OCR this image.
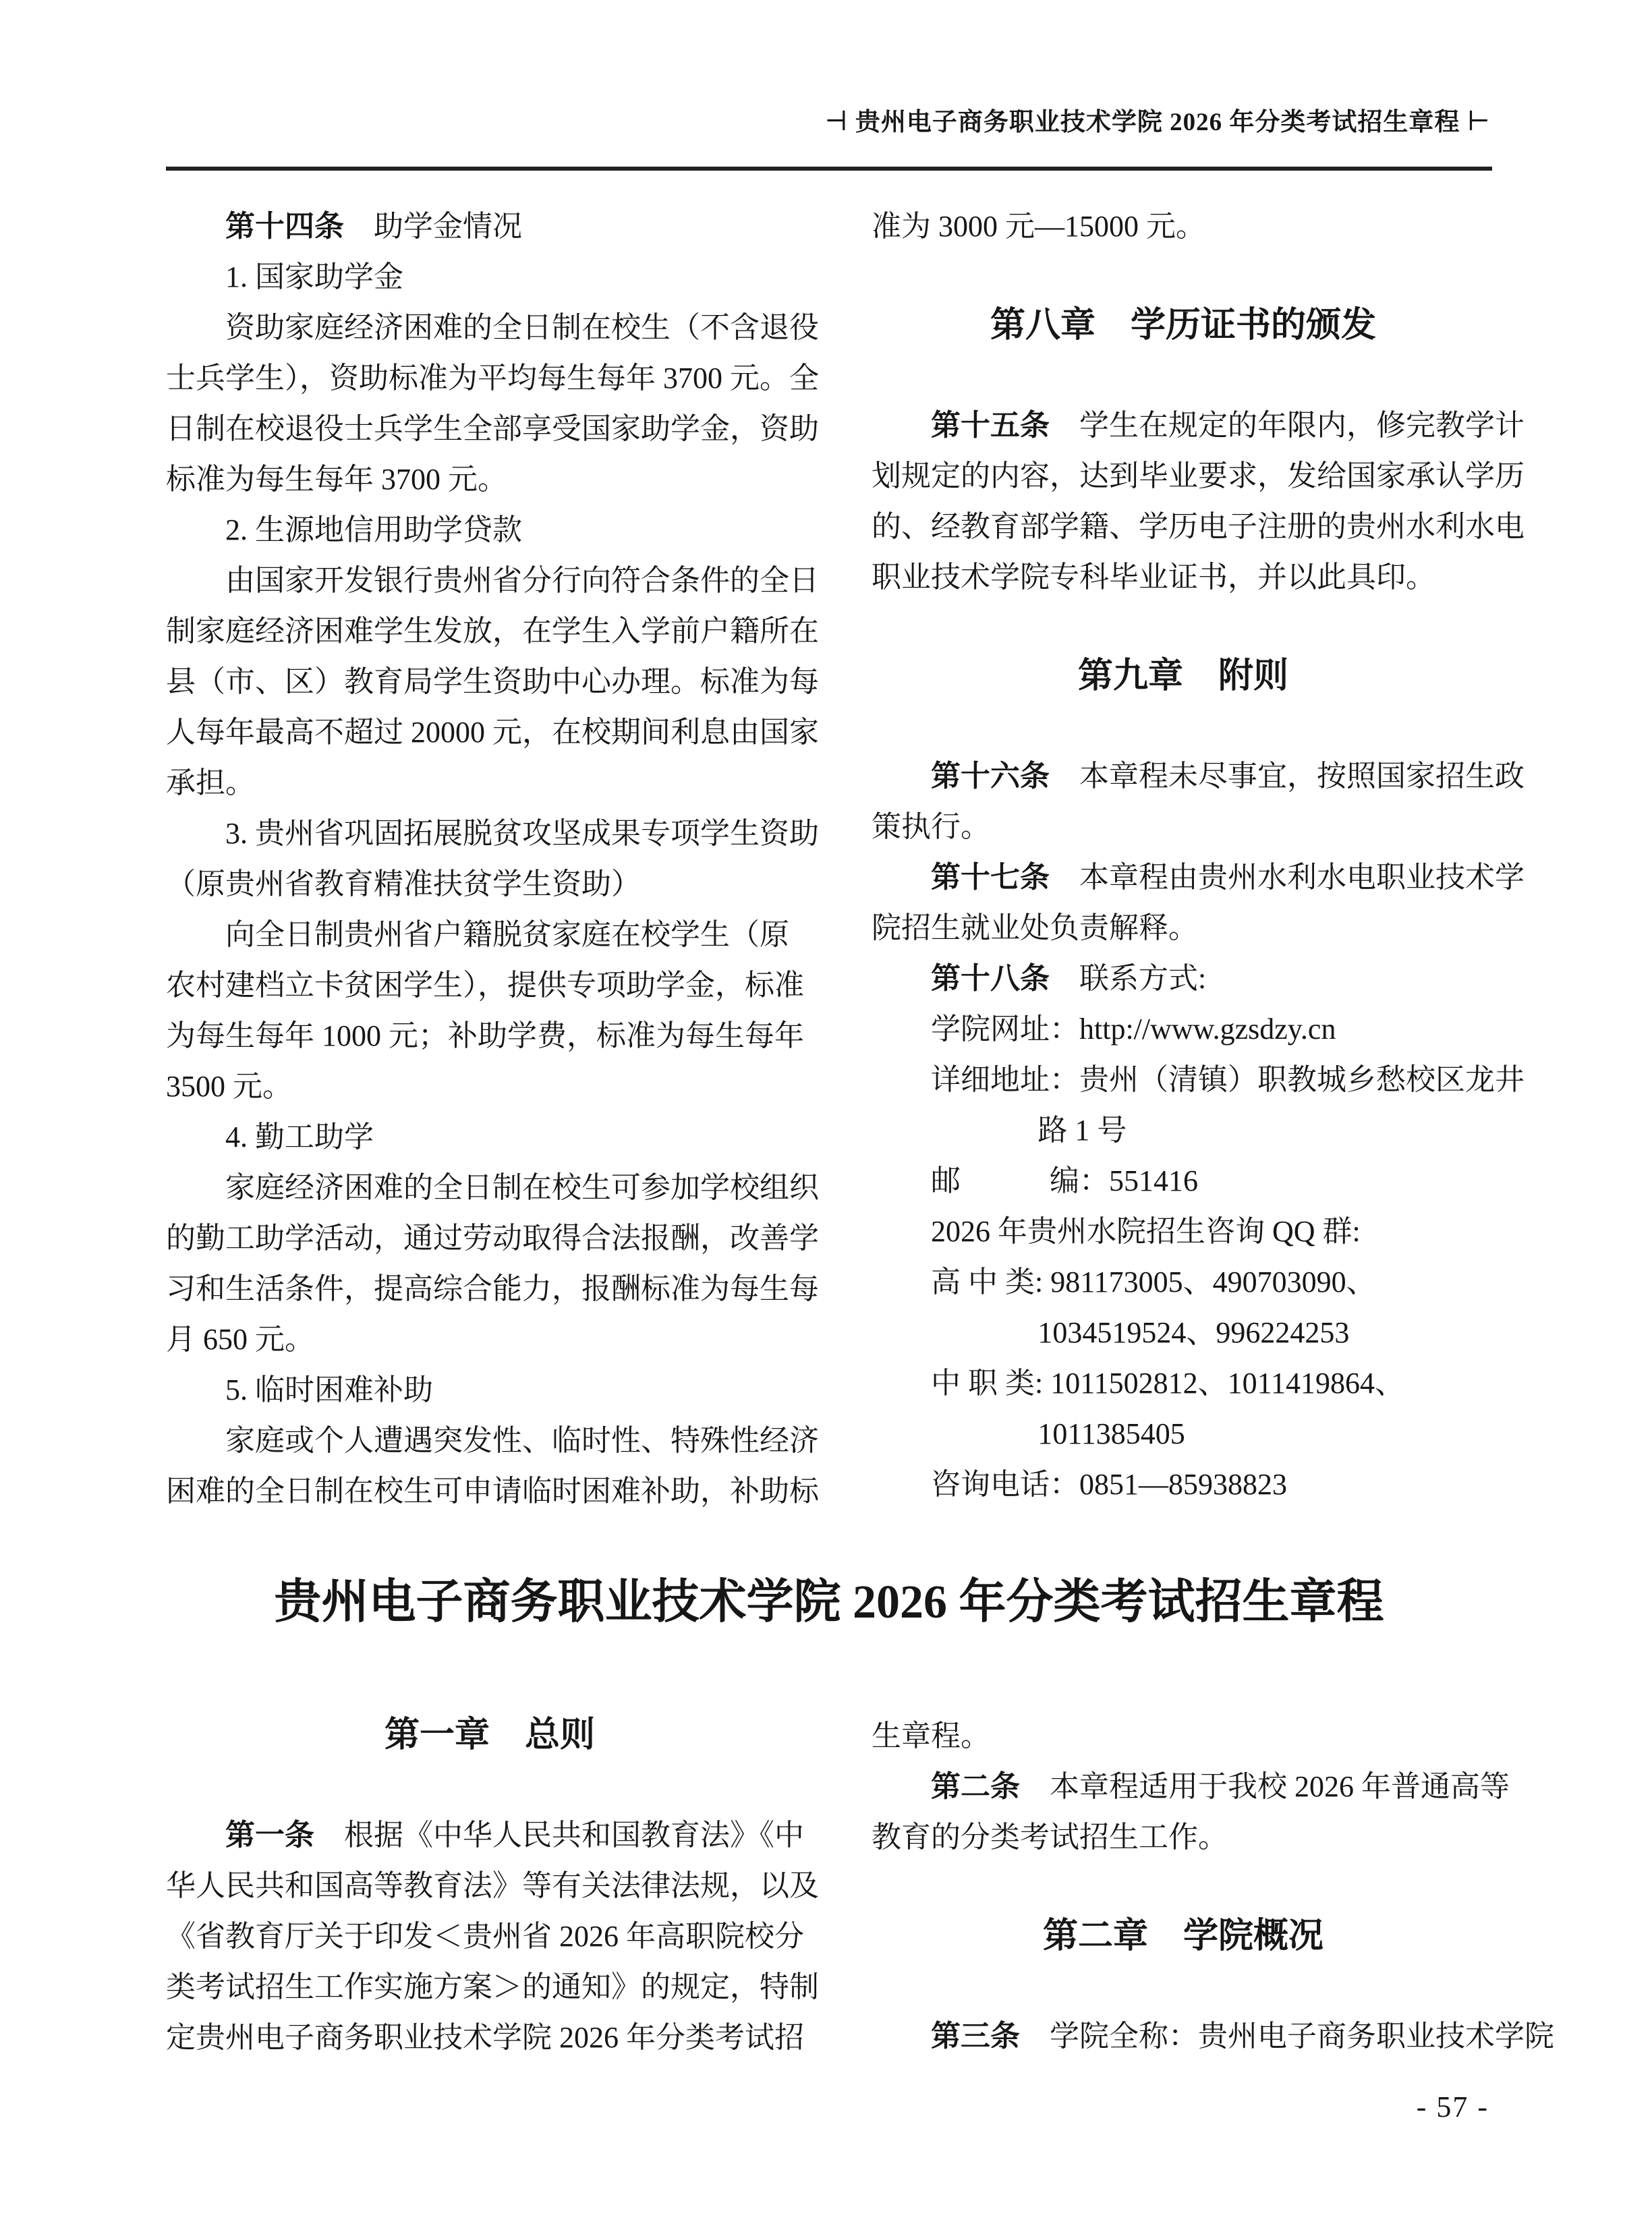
⊣ 贵州电子商务职业技术学院 2026 年分类考试招生章程 ⊢
第十四条　助学金情况
1. 国家助学金
资助家庭经济困难的全日制在校生（不含退役
士兵学生），资助标准为平均每生每年 3700 元。全
日制在校退役士兵学生全部享受国家助学金，资助
标准为每生每年 3700 元。
2. 生源地信用助学贷款
由国家开发银行贵州省分行向符合条件的全日
制家庭经济困难学生发放，在学生入学前户籍所在
县（市、区）教育局学生资助中心办理。标准为每
人每年最高不超过 20000 元，在校期间利息由国家
承担。
3. 贵州省巩固拓展脱贫攻坚成果专项学生资助
（原贵州省教育精准扶贫学生资助）
向全日制贵州省户籍脱贫家庭在校学生（原
农村建档立卡贫困学生），提供专项助学金，标准
为每生每年 1000 元；补助学费，标准为每生每年
3500 元。
4. 勤工助学
家庭经济困难的全日制在校生可参加学校组织
的勤工助学活动，通过劳动取得合法报酬，改善学
习和生活条件，提高综合能力，报酬标准为每生每
月 650 元。
5. 临时困难补助
家庭或个人遭遇突发性、临时性、特殊性经济
困难的全日制在校生可申请临时困难补助，补助标
准为 3000 元—15000 元。
第八章　学历证书的颁发
第十五条　学生在规定的年限内，修完教学计
划规定的内容，达到毕业要求，发给国家承认学历
的、经教育部学籍、学历电子注册的贵州水利水电
职业技术学院专科毕业证书，并以此具印。
第九章　附则
第十六条　本章程未尽事宜，按照国家招生政
策执行。
第十七条　本章程由贵州水利水电职业技术学
院招生就业处负责解释。
第十八条　联系方式:
学院网址：http://www.gzsdzy.cn
详细地址：贵州（清镇）职教城乡愁校区龙井
路 1 号
邮　　　编：551416
2026 年贵州水院招生咨询 QQ 群:
高 中 类: 981173005、490703090、
1034519524、996224253
中 职 类: 1011502812、1011419864、
1011385405
咨询电话：0851—85938823
贵州电子商务职业技术学院 2026 年分类考试招生章程
第一章　总则
第一条　根据《中华人民共和国教育法》《中
华人民共和国高等教育法》等有关法律法规，以及
《省教育厅关于印发＜贵州省 2026 年高职院校分
类考试招生工作实施方案＞的通知》的规定，特制
定贵州电子商务职业技术学院 2026 年分类考试招
生章程。
第二条　本章程适用于我校 2026 年普通高等
教育的分类考试招生工作。
第二章　学院概况
第三条　学院全称：贵州电子商务职业技术学院
- 57 -
